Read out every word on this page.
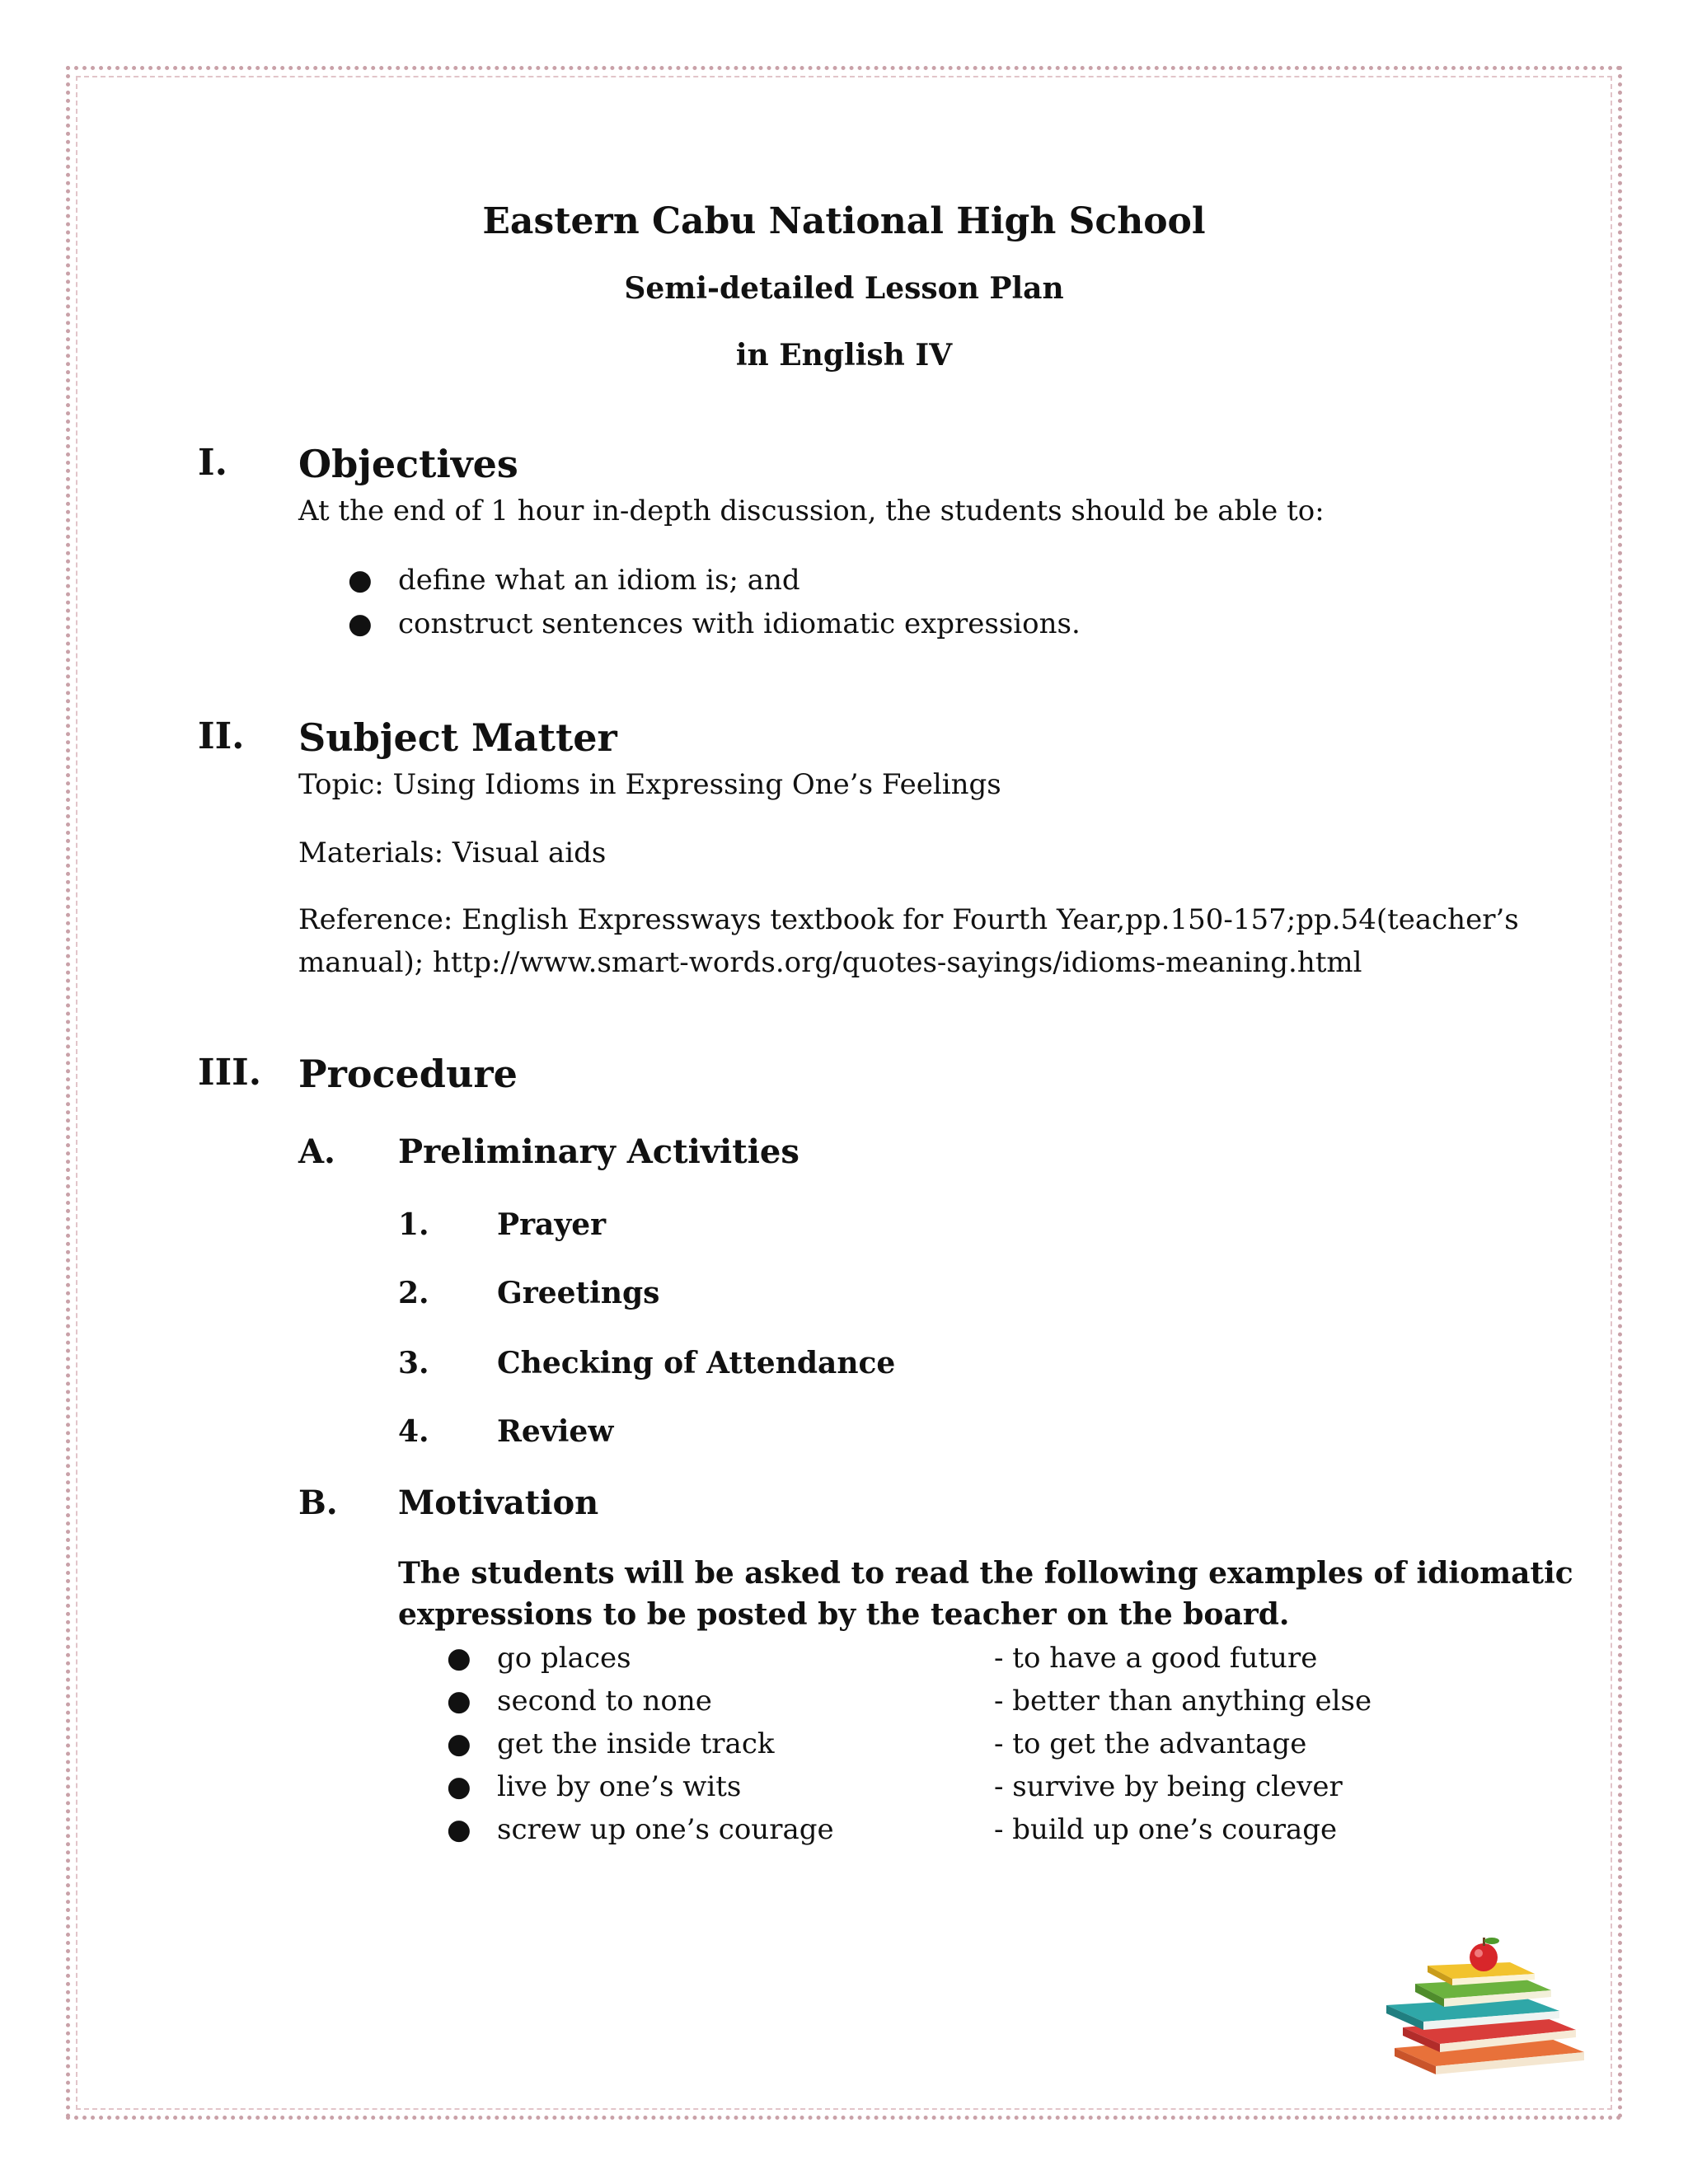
Eastern Cabu National High School
Semi-detailed Lesson Plan
in English IV
I. Objectives
At the end of 1 hour in-depth discussion, the students should be able to:
● define what an idiom is; and
● construct sentences with idiomatic expressions.
II. Subject Matter
Topic: Using Idioms in Expressing One’s Feelings
Materials: Visual aids
Reference: English Expressways textbook for Fourth Year,pp.150-157;pp.54(teacher’s
manual); http://www.smart-words.org/quotes-sayings/idioms-meaning.html
III. Procedure
A. Preliminary Activities
1. Prayer
2. Greetings
3. Checking of Attendance
4. Review
B. Motivation
The students will be asked to read the following examples of idiomatic
expressions to be posted by the teacher on the board.
● go places	- to have a good future
● second to none	- better than anything else
● get the inside track	- to get the advantage
● live by one’s wits	- survive by being clever
● screw up one’s courage	- build up one’s courage
